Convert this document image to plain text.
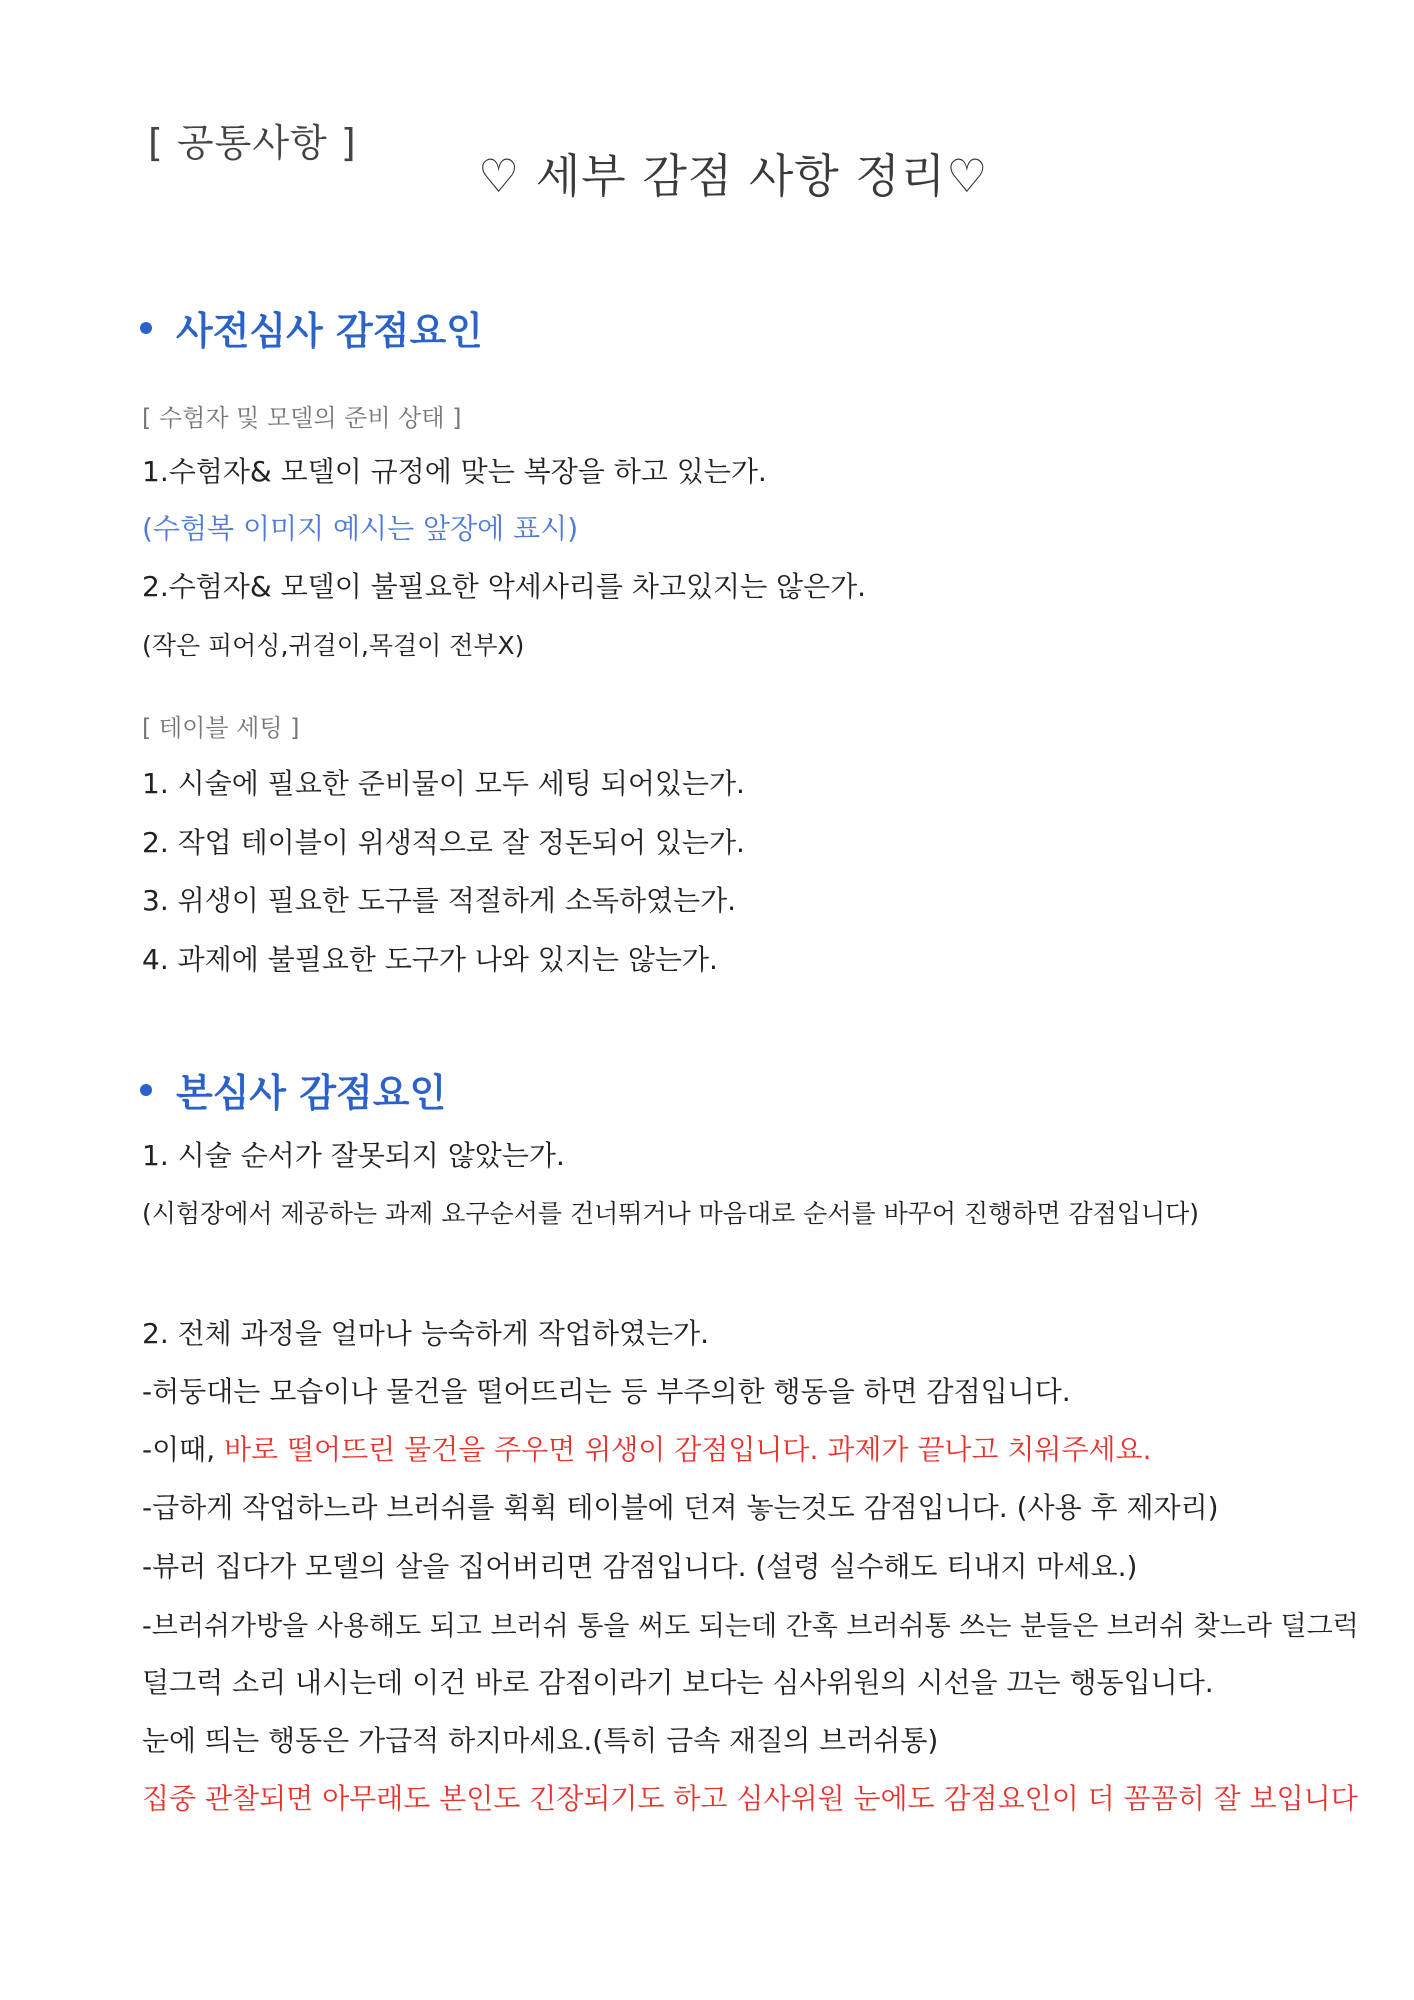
[ 공통사항 ]
♡ 세부 감점 사항 정리♡
사전심사 감점요인
[ 수험자 및 모델의 준비 상태 ]
1.수험자& 모델이 규정에 맞는 복장을 하고 있는가.
(수험복 이미지 예시는 앞장에 표시)
2.수험자& 모델이 불필요한 악세사리를 차고있지는 않은가.
(작은 피어싱,귀걸이,목걸이 전부X)
[ 테이블 세팅 ]
1. 시술에 필요한 준비물이 모두 세팅 되어있는가.
2. 작업 테이블이 위생적으로 잘 정돈되어 있는가.
3. 위생이 필요한 도구를 적절하게 소독하였는가.
4. 과제에 불필요한 도구가 나와 있지는 않는가.
본심사 감점요인
1. 시술 순서가 잘못되지 않았는가.
(시험장에서 제공하는 과제 요구순서를 건너뛰거나 마음대로 순서를 바꾸어 진행하면 감점입니다)
2. 전체 과정을 얼마나 능숙하게 작업하였는가.
-허둥대는 모습이나 물건을 떨어뜨리는 등 부주의한 행동을 하면 감점입니다.
-이때, 바로 떨어뜨린 물건을 주우면 위생이 감점입니다. 과제가 끝나고 치워주세요.
-급하게 작업하느라 브러쉬를 휙휙 테이블에 던져 놓는것도 감점입니다. (사용 후 제자리)
-뷰러 집다가 모델의 살을 집어버리면 감점입니다. (설령 실수해도 티내지 마세요.)
-브러쉬가방을 사용해도 되고 브러쉬 통을 써도 되는데 간혹 브러쉬통 쓰는 분들은 브러쉬 찾느라 덜그럭
덜그럭 소리 내시는데 이건 바로 감점이라기 보다는 심사위원의 시선을 끄는 행동입니다.
눈에 띄는 행동은 가급적 하지마세요.(특히 금속 재질의 브러쉬통)
집중 관찰되면 아무래도 본인도 긴장되기도 하고 심사위원 눈에도 감점요인이 더 꼼꼼히 잘 보입니다
